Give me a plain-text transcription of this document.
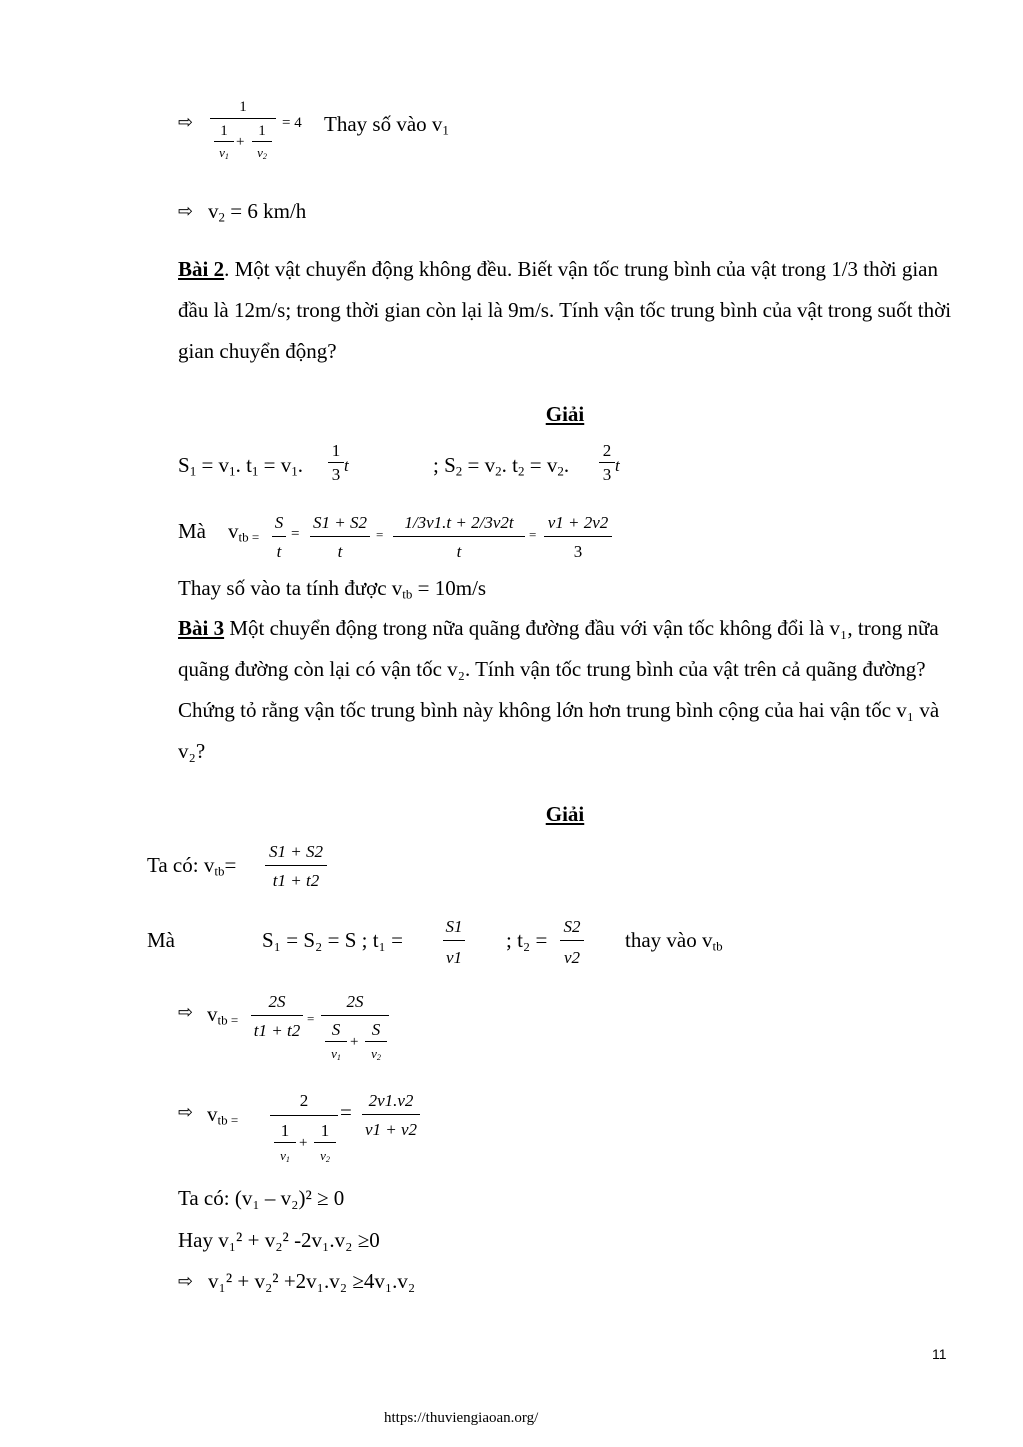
⇨
1
1
$v_1$
+
1
$v_2$
= 4 Thay số vào $v_1$
⇨ $v_2 = 6$ km/h
Bài 2. Một vật chuyển động không đều. Biết vận tốc trung bình của vật trong 1/3 thời gian đầu là 12m/s; trong thời gian còn lại là 9m/s. Tính vận tốc trung bình của vật trong suốt thời gian chuyển động?
Giải
$S_1 = v_1$. $t_1 = v_1$.
1
3 t	; $S_2 = v_2$. $t_2 = v_2$.
2
3 t
Mà $v_{tb =}$
S
t
=
S1 + S2
t
=
1/3v1.t + 2/3v2t
t
=
v1 + 2v2
3
Thay số vào ta tính được $v_{tb} = 10m/s$
Bài 3 Một chuyển động trong nữa quãng đường đầu với vận tốc không đổi là v₁, trong nữa quãng đường còn lại có vận tốc v₂. Tính vận tốc trung bình của vật trên cả quãng đường? Chứng tỏ rằng vận tốc trung bình này không lớn hơn trung bình cộng của hai vận tốc v₁ và v₂?
Giải
Ta có: $v_{tb}=$
S1 + S2
t1 + t2
Mà	S₁ = S₂ = S ; t₁ =
S1
v1
; t₂ =
S2
v2
thay vào $v_{tb}$
⇨ $v_{tb =}$
2S
t1 + t2
=
2S
S
$v_1$
+
S
$v_2$
⇨ $v_{tb =}$
2
1
$v_1$
+
1
$v_2$
= 2v1.v2
v1 + v2
Ta có: (v₁ – v₂)² ≥ 0
Hay v₁² + v₂² -2v₁.v₂ ≥0
⇨ v₁² + v₂² +2v₁.v₂ ≥4v₁.v₂
11
https://thuviengiaoan.org/
